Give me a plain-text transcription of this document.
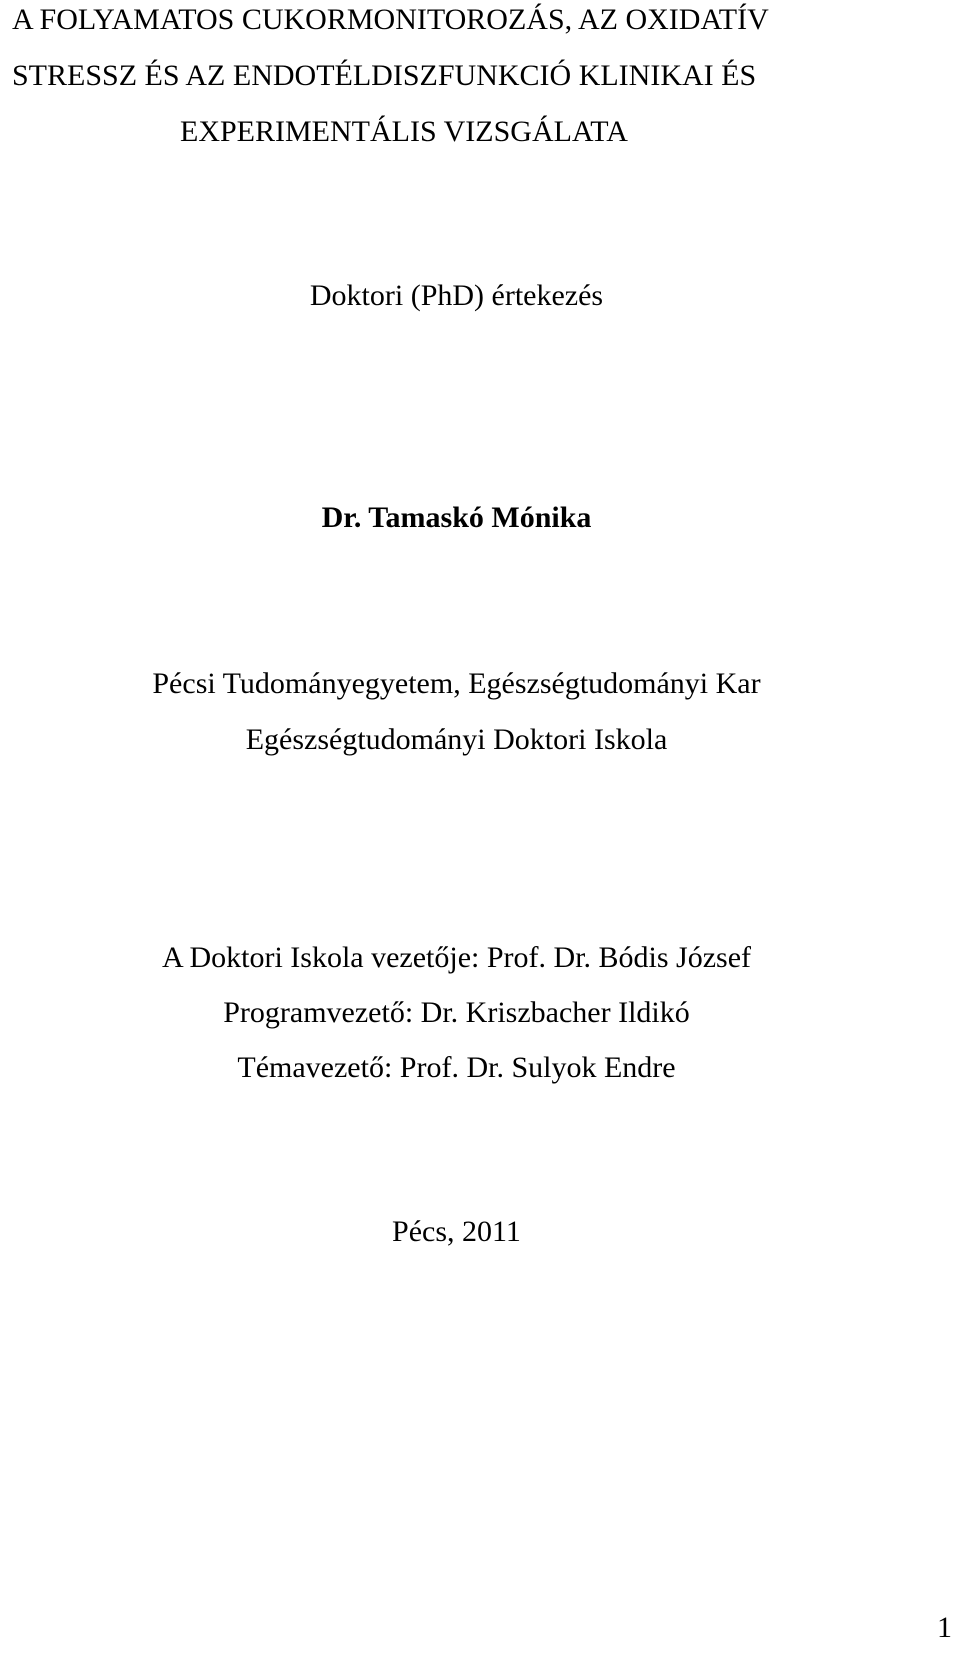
A FOLYAMATOS CUKORMONITOROZÁS, AZ OXIDATÍV
STRESSZ ÉS AZ ENDOTÉLDISZFUNKCIÓ KLINIKAI ÉS
EXPERIMENTÁLIS VIZSGÁLATA
Doktori (PhD) értekezés
Dr. Tamaskó Mónika
Pécsi Tudományegyetem, Egészségtudományi Kar
Egészségtudományi Doktori Iskola
A Doktori Iskola vezetője: Prof. Dr. Bódis József
Programvezető: Dr. Kriszbacher Ildikó
Témavezető: Prof. Dr. Sulyok Endre
Pécs, 2011
1
